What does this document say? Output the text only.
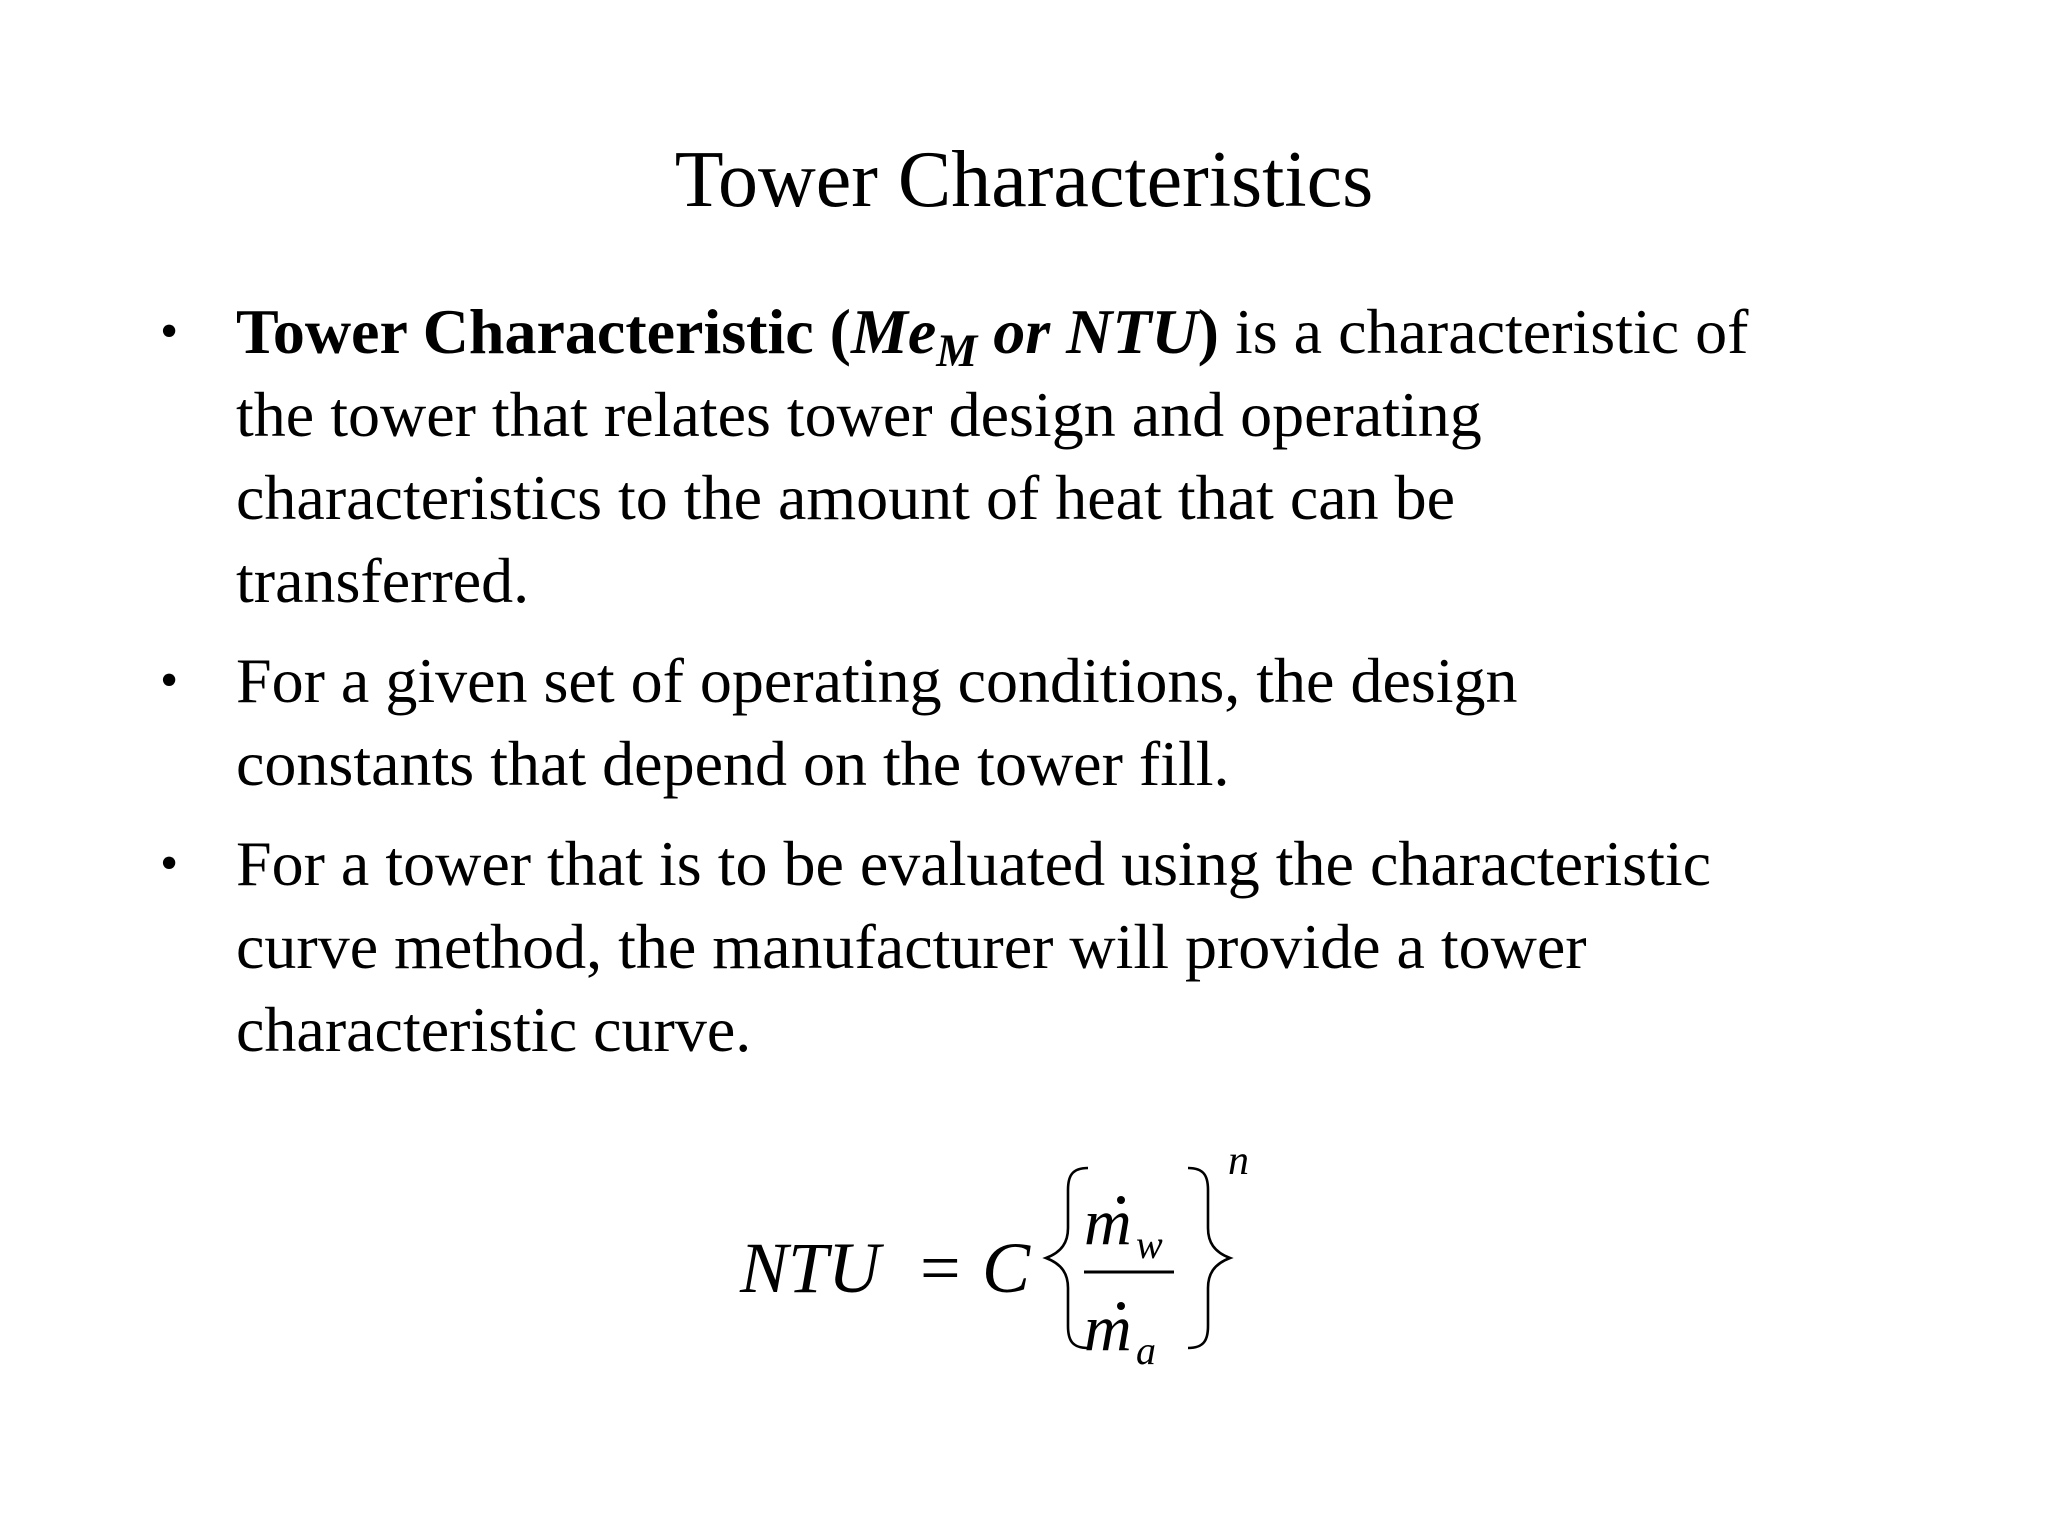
Tower Characteristics
• Tower Characteristic ($Me_M$ or NTU) is a characteristic of
the tower that relates tower design and operating
characteristics to the amount of heat that can be
transferred.
• For a given set of operating conditions, the design
constants that depend on the tower fill.
• For a tower that is to be evaluated using the characteristic
curve method, the manufacturer will provide a tower
characteristic curve.
NTU = C
m w
m a
n
